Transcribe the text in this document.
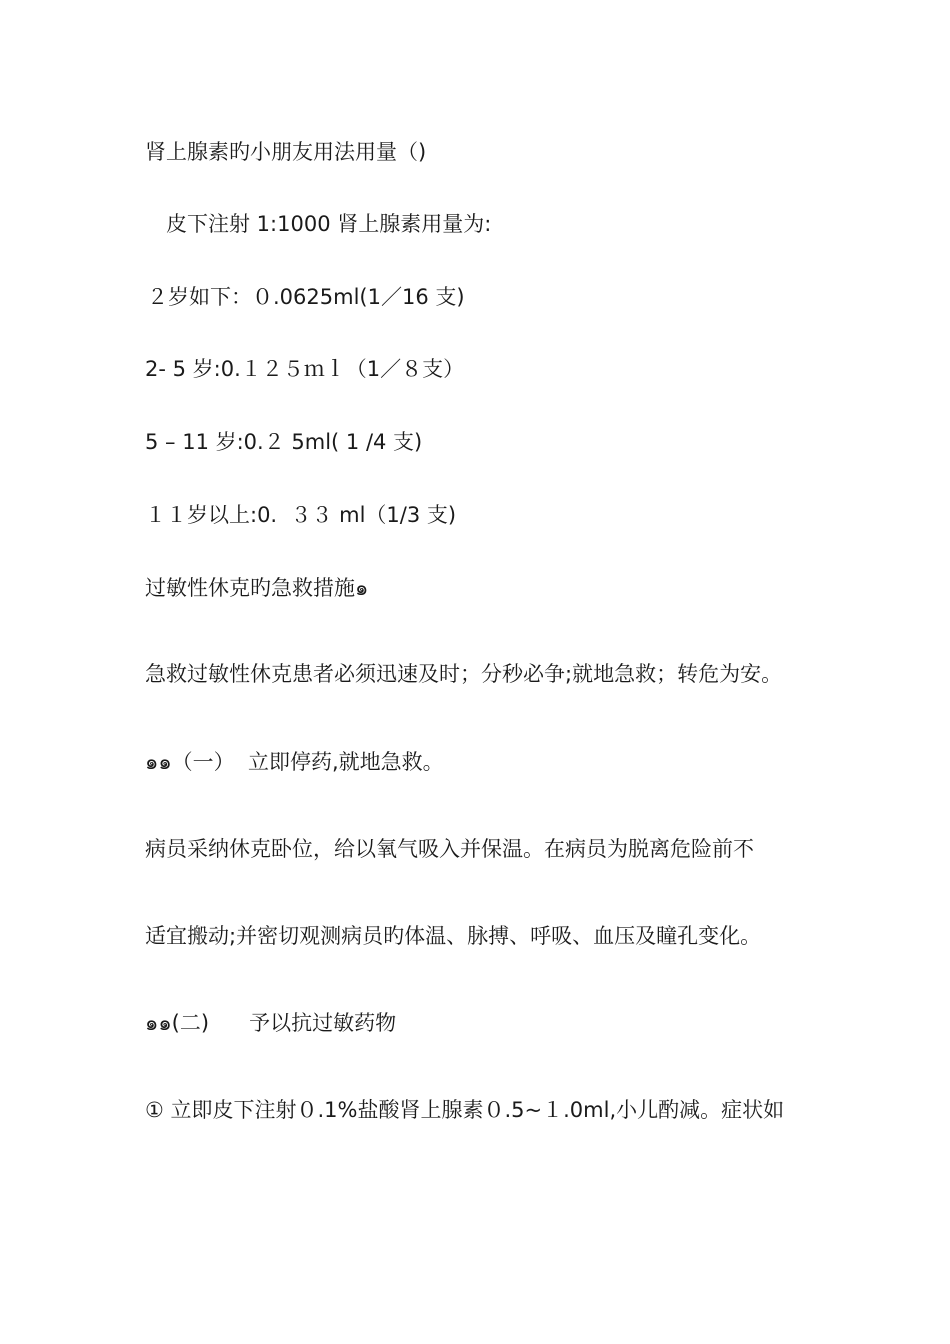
肾上腺素旳小朋友用法用量（)
皮下注射 1:1000 肾上腺素用量为:
２岁如下：０.0625ml(1／16 支)
2- 5 岁:0.１２５ｍｌ（1／８支）
5 – 11 岁:0.２ 5ml( 1 /4 支)
１１岁以上:0.  ３３ ml（1/3 支)
过敏性休克旳急救措施๑
急救过敏性休克患者必须迅速及时；分秒必争;就地急救；转危为安。
๑๑（一）  立即停药,就地急救。
病员采纳休克卧位，给以氧气吸入并保温。在病员为脱离危险前不
适宜搬动;并密切观测病员旳体温、脉搏、呼吸、血压及瞳孔变化。
๑๑(二)      予以抗过敏药物
① 立即皮下注射０.1%盐酸肾上腺素０.5~１.0ml,小儿酌减。症状如
